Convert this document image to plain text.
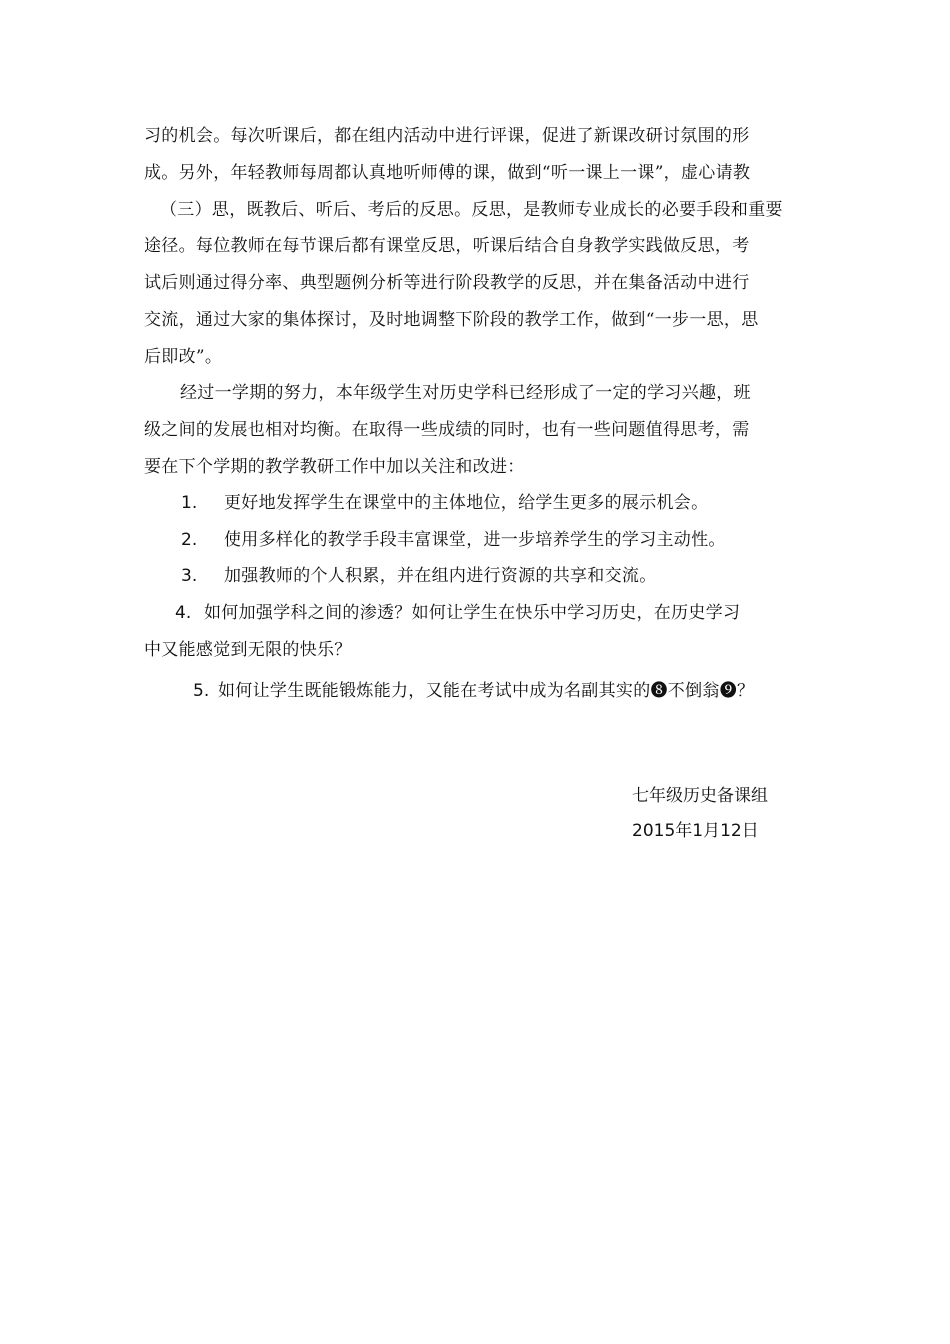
习的机会。每次听课后，都在组内活动中进行评课，促进了新课改研讨氛围的形
成。另外，年轻教师每周都认真地听师傅的课，做到“听一课上一课”，虚心请教
（三）思，既教后、听后、考后的反思。反思，是教师专业成长的必要手段和重要
途径。每位教师在每节课后都有课堂反思，听课后结合自身教学实践做反思，考
试后则通过得分率、典型题例分析等进行阶段教学的反思，并在集备活动中进行
交流，通过大家的集体探讨，及时地调整下阶段的教学工作，做到“一步一思，思
后即改”。
经过一学期的努力，本年级学生对历史学科已经形成了一定的学习兴趣，班
级之间的发展也相对均衡。在取得一些成绩的同时，也有一些问题值得思考，需
要在下个学期的教学教研工作中加以关注和改进：
1. 更好地发挥学生在课堂中的主体地位，给学生更多的展示机会。
2. 使用多样化的教学手段丰富课堂，进一步培养学生的学习主动性。
3. 加强教师的个人积累，并在组内进行资源的共享和交流。
4. 如何加强学科之间的渗透？如何让学生在快乐中学习历史，在历史学习
中又能感觉到无限的快乐？
5. 如何让学生既能锻炼能力，又能在考试中成为名副其实的❽不倒翁❾？
七年级历史备课组
2015年1月12日
